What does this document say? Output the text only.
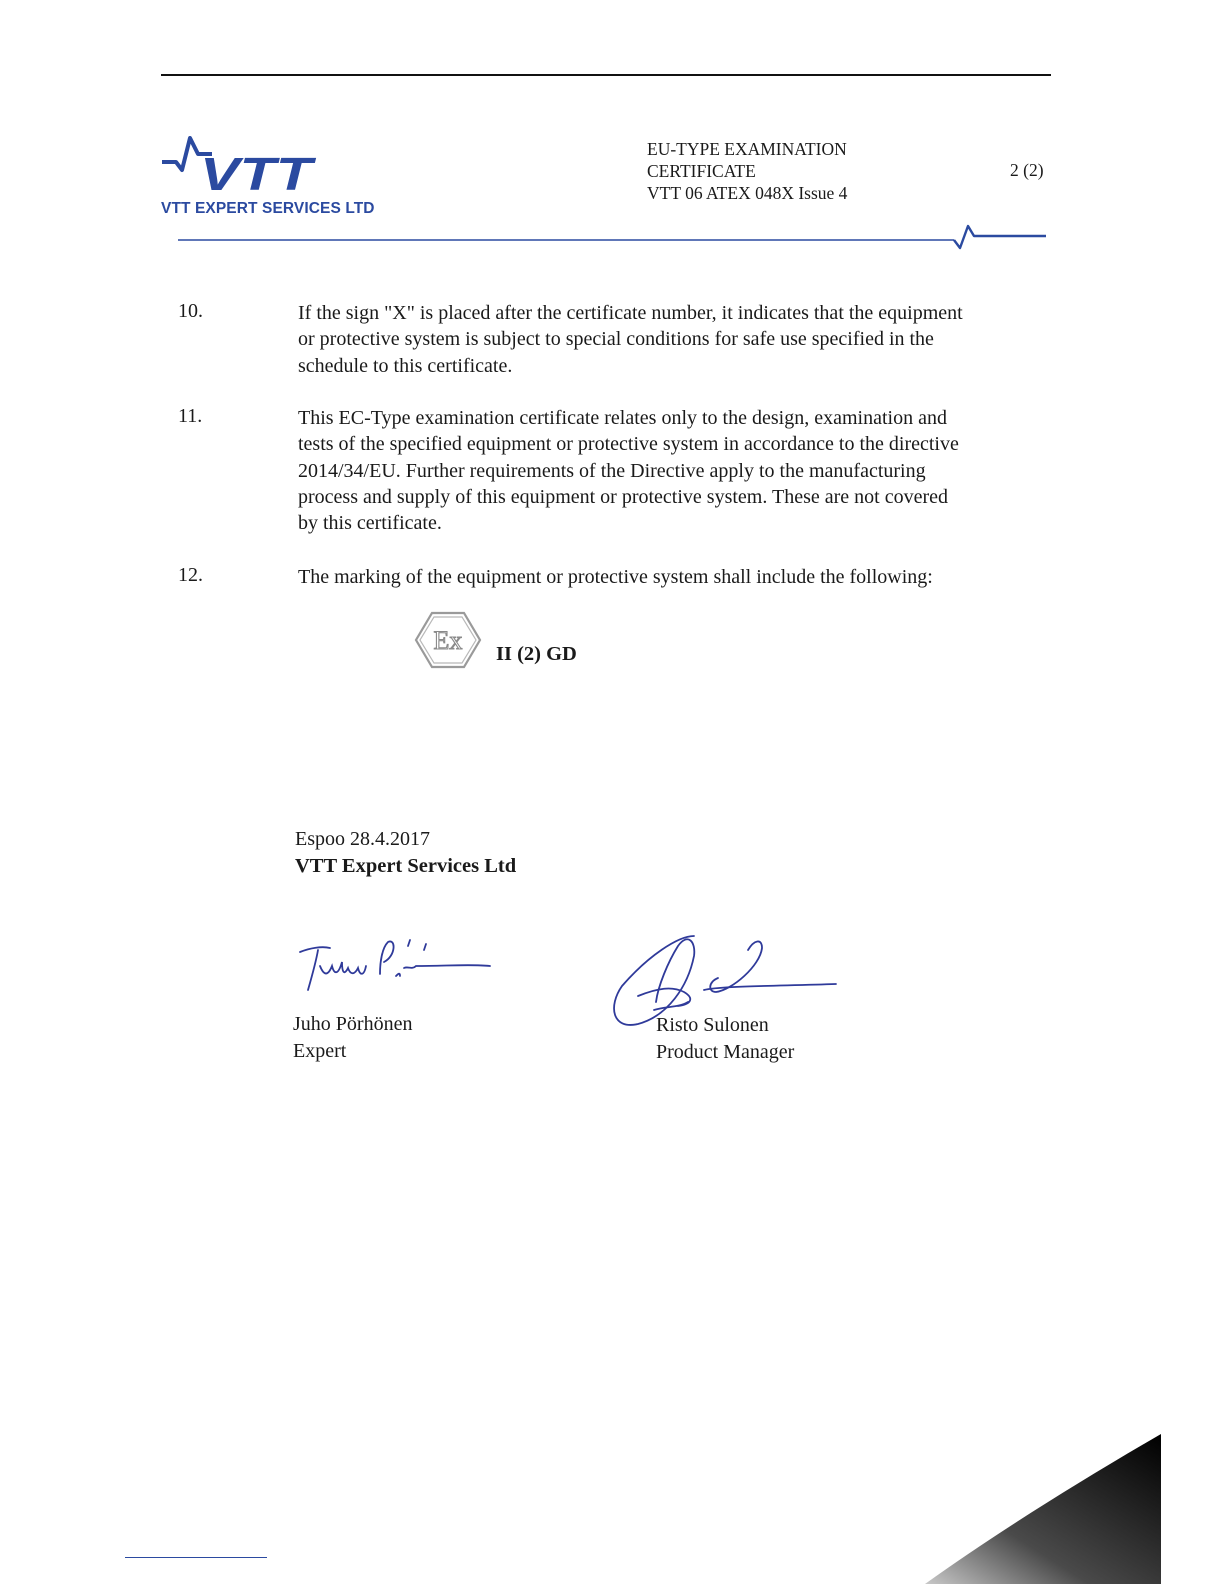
VTT
VTT EXPERT SERVICES LTD
EU-TYPE EXAMINATION
CERTIFICATE
VTT 06 ATEX 048X Issue 4
2 (2)
10.	If the sign "X" is placed after the certificate number, it indicates that the equipment
or protective system is subject to special conditions for safe use specified in the
schedule to this certificate.
11.	This EC-Type examination certificate relates only to the design, examination and
tests of the specified equipment or protective system in accordance to the directive
2014/34/EU. Further requirements of the Directive apply to the manufacturing
process and supply of this equipment or protective system. These are not covered
by this certificate.
12.	The marking of the equipment or protective system shall include the following:
Ex II (2) GD
Espoo 28.4.2017
VTT Expert Services Ltd
Juho Pörhönen
Expert
Risto Sulonen
Product Manager
